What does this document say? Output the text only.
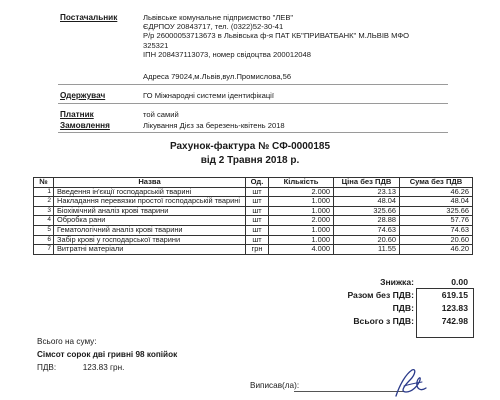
Постачальник	Львівське комунальне підприємство "ЛЕВ"
ЄДРПОУ 20843717, тел. (0322)52-30-41
Р/р 26000053713673 в Львівська ф-я ПАТ КБ"ПРИВАТБАНК" М.ЛЬВІВ МФО
325321
ІПН 208437113073, номер свідоцтва 200012048
Адреса 79024,м.Львів,вул.Промислова,56
Одержувач	ГО Міжнародні системи ідентифікації
Платник	той самий
Замовлення	Лікування Дієз за березень-квітень 2018
Рахунок-фактура № СФ-0000185
від 2 Травня 2018 р.
№	Назва	Од.	Кількість	Ціна без ПДВ	Сума без ПДВ
1	Введення ін'єкції господарській тварині	шт	2.000	23.13	46.26
2	Накладання перевязки простої господарській тварині	шт	1.000	48.04	48.04
3	Біохімічний аналіз крові тварини	шт	1.000	325.66	325.66
4	Обробка рани	шт	2.000	28.88	57.76
5	Гематологічний аналіз крові тварини	шт	1.000	74.63	74.63
6	Забір крові у господарської тварини	шт	1.000	20.60	20.60
7	Витратні матеріали	грн	4.000	11.55	46.20
Знижка:	0.00
Разом без ПДВ:	619.15
ПДВ:	123.83
Всього з ПДВ:	742.98
Всього на суму:
Сімсот сорок дві гривні 98 копійок
ПДВ:	123.83 грн.
Виписав(ла):
